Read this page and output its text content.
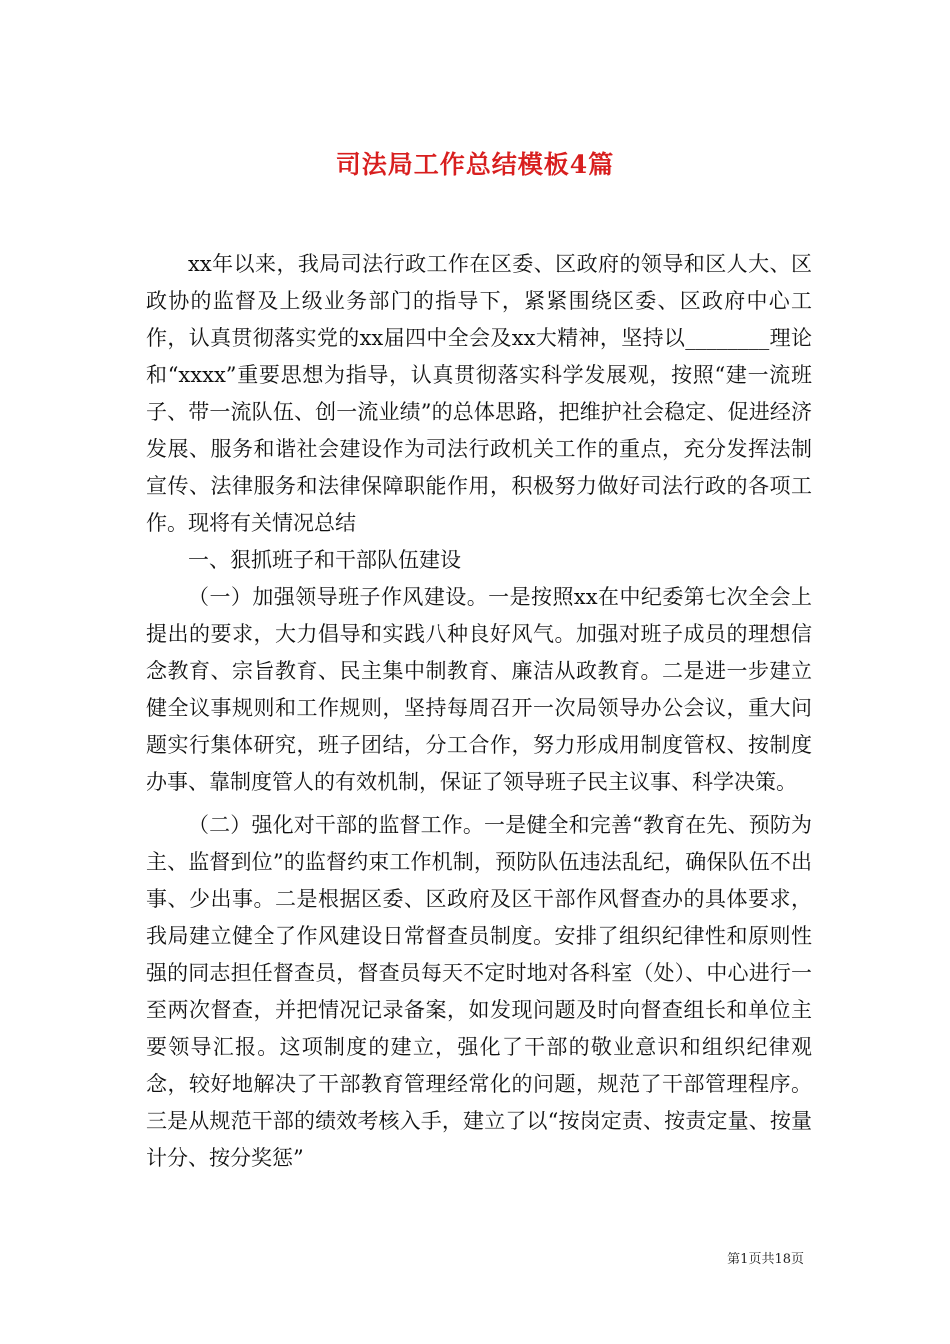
司法局工作总结模板4篇

xx年以来，我局司法行政工作在区委、区政府的领导和区人大、区政协的监督及上级业务部门的指导下，紧紧围绕区委、区政府中心工作，认真贯彻落实党的xx届四中全会及xx大精神，坚持以________理论和“xxxx”重要思想为指导，认真贯彻落实科学发展观，按照“建一流班子、带一流队伍、创一流业绩”的总体思路，把维护社会稳定、促进经济发展、服务和谐社会建设作为司法行政机关工作的重点，充分发挥法制宣传、法律服务和法律保障职能作用，积极努力做好司法行政的各项工作。现将有关情况总结

一、狠抓班子和干部队伍建设

（一）加强领导班子作风建设。一是按照xx在中纪委第七次全会上提出的要求，大力倡导和实践八种良好风气。加强对班子成员的理想信念教育、宗旨教育、民主集中制教育、廉洁从政教育。二是进一步建立健全议事规则和工作规则，坚持每周召开一次局领导办公会议，重大问题实行集体研究，班子团结，分工合作，努力形成用制度管权、按制度办事、靠制度管人的有效机制，保证了领导班子民主议事、科学决策。

（二）强化对干部的监督工作。一是健全和完善“教育在先、预防为主、监督到位”的监督约束工作机制，预防队伍违法乱纪，确保队伍不出事、少出事。二是根据区委、区政府及区干部作风督查办的具体要求，我局建立健全了作风建设日常督查员制度。安排了组织纪律性和原则性强的同志担任督查员，督查员每天不定时地对各科室（处）、中心进行一至两次督查，并把情况记录备案，如发现问题及时向督查组长和单位主要领导汇报。这项制度的建立，强化了干部的敬业意识和组织纪律观念，较好地解决了干部教育管理经常化的问题，规范了干部管理程序。三是从规范干部的绩效考核入手，建立了以“按岗定责、按责定量、按量计分、按分奖惩”

第1页共18页
